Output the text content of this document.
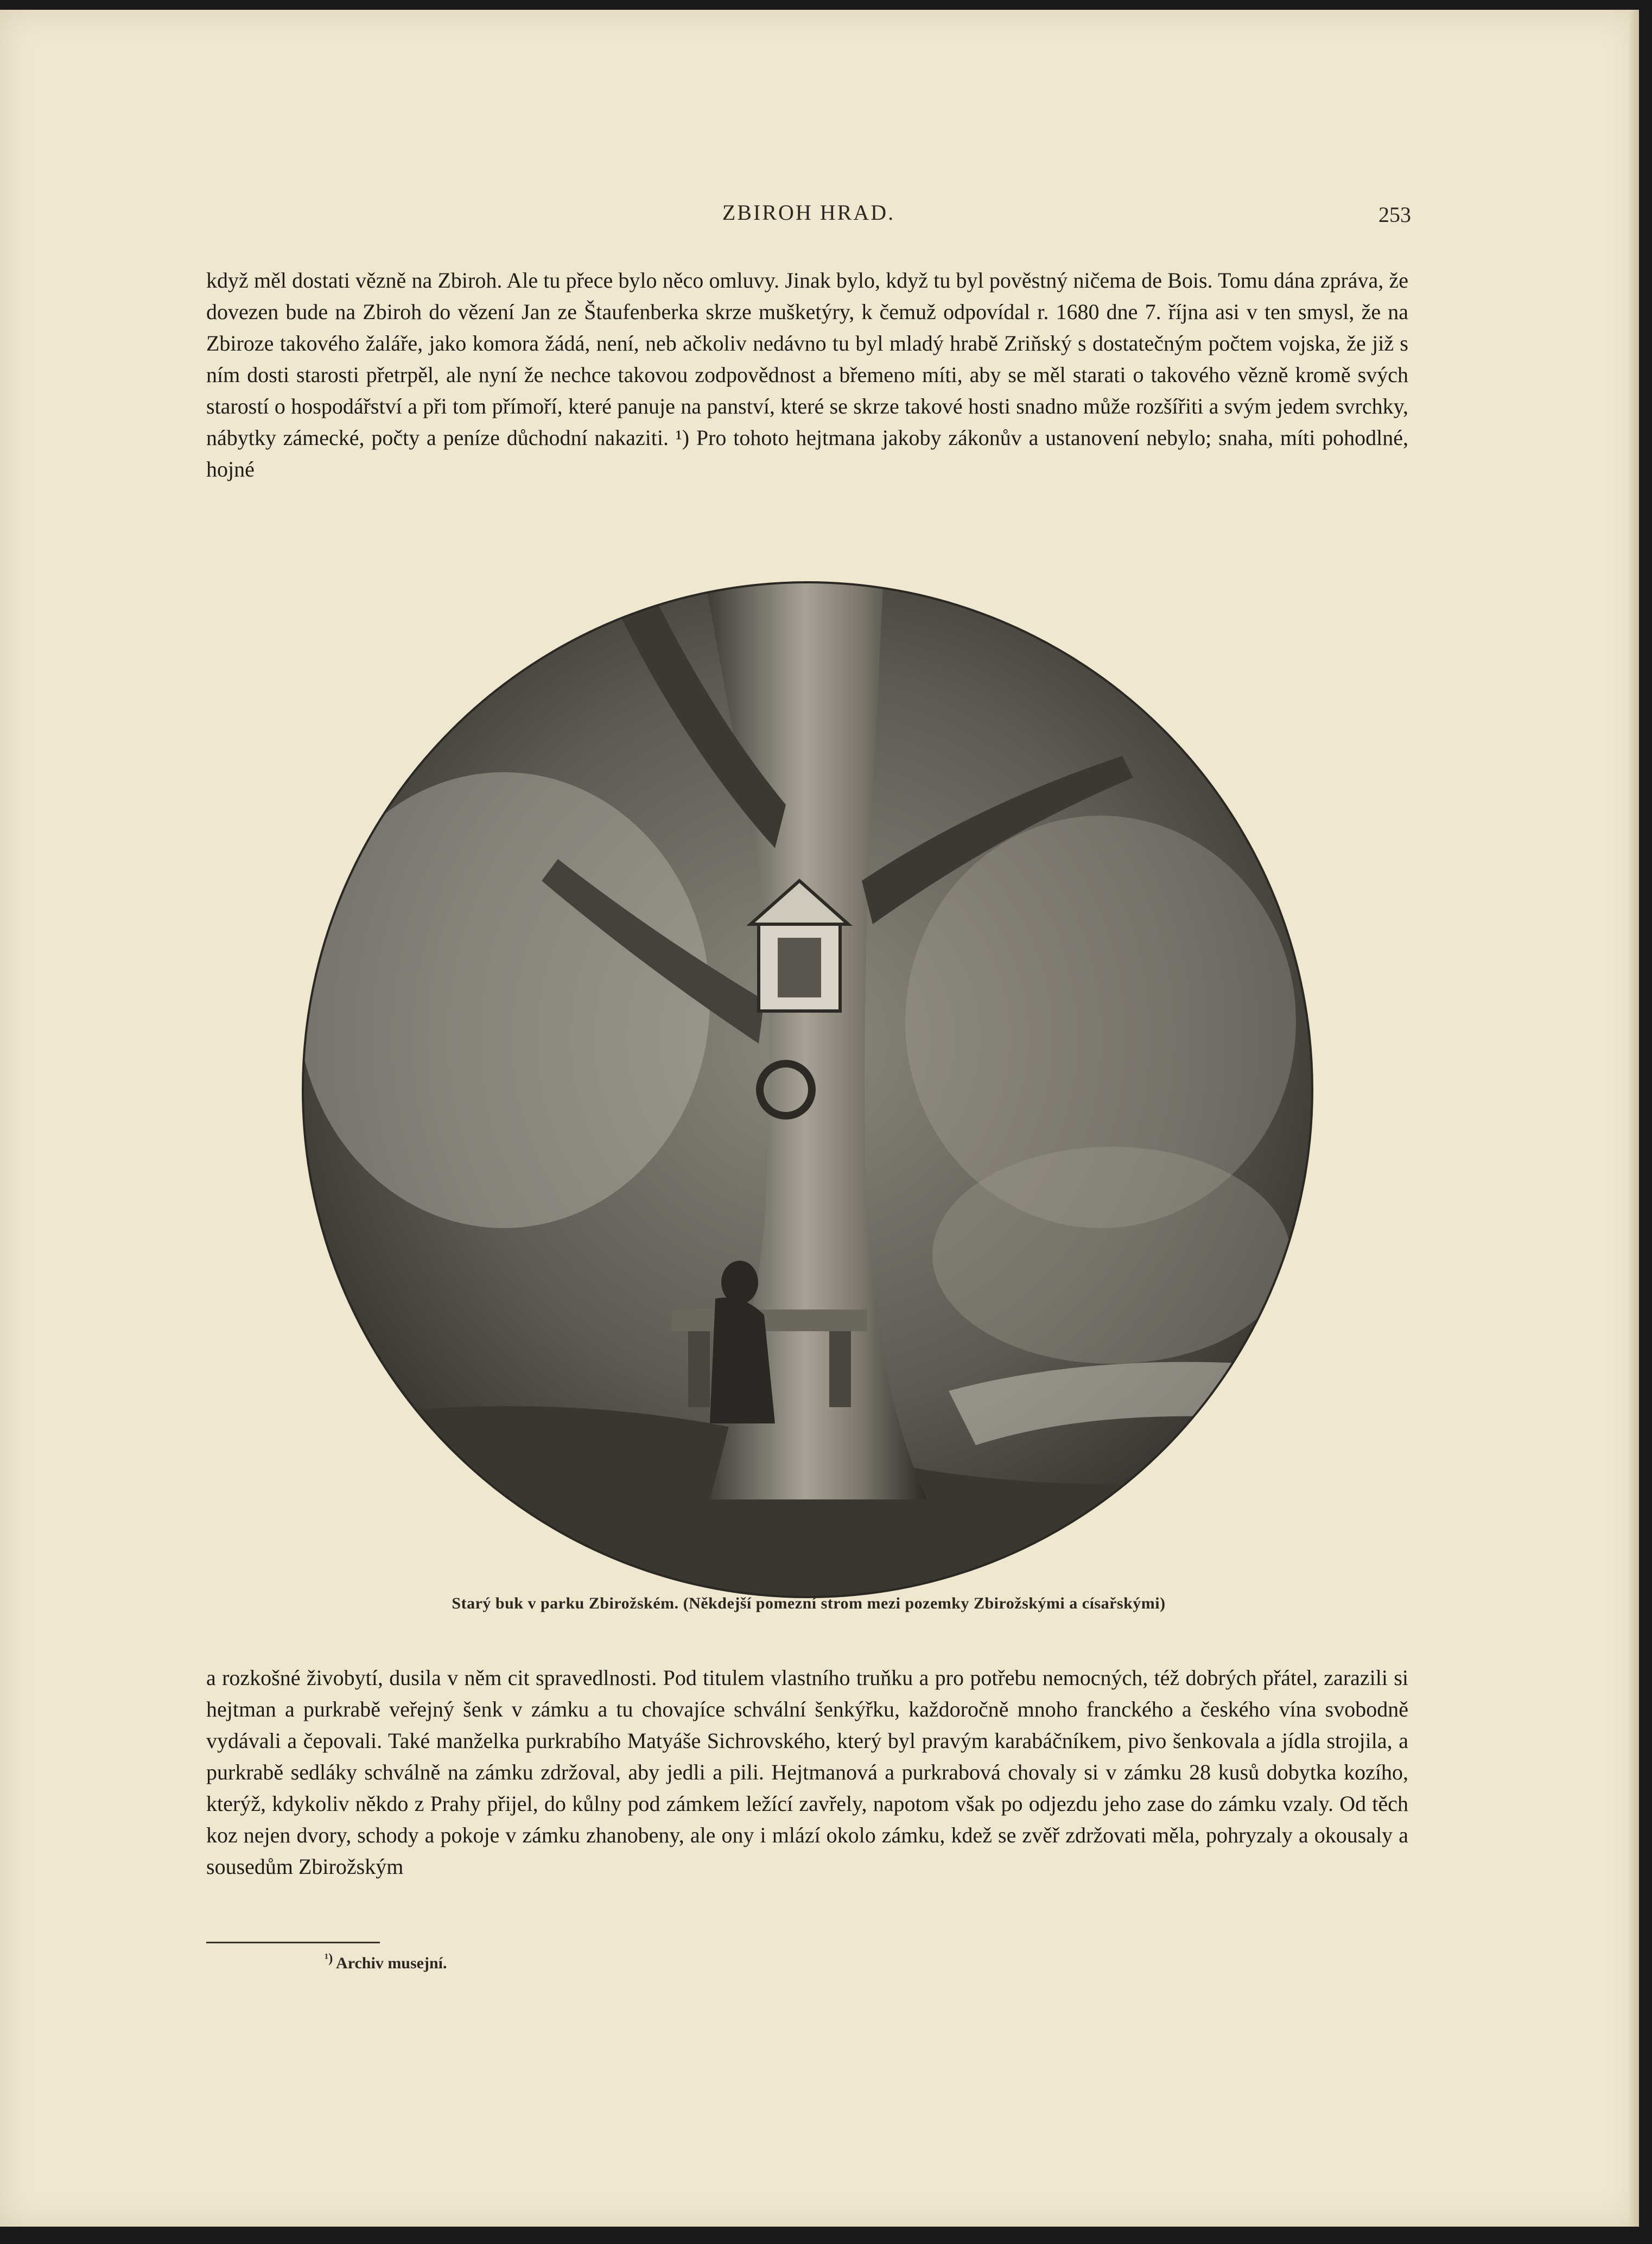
ZBIROH HRAD.	253

když měl dostati vězně na Zbiroh. Ale tu přece bylo něco omluvy. Jinak bylo, když tu byl pověstný ničema de Bois. Tomu dána zpráva, že dovezen bude na Zbiroh do vězení Jan ze Štaufenberka skrze mušketýry, k čemuž odpovídal r. 1680 dne 7. října asi v ten smysl, že na Zbiroze takového žaláře, jako komora žádá, není, neb ačkoliv nedávno tu byl mladý hrabě Zriňský s dostatečným počtem vojska, že již s ním dosti starosti přetrpěl, ale nyní že nechce takovou zodpovědnost a břemeno míti, aby se měl starati o takového vězně kromě svých starostí o hospodářství a při tom přímoří, které panuje na panství, které se skrze takové hosti snadno může rozšířiti a svým jedem svrchky, nábytky zámecké, počty a peníze důchodní nakaziti. ¹) Pro tohoto hejtmana jakoby zákonův a ustanovení nebylo; snaha, míti pohodlné, hojné

Starý buk v parku Zbirožském. (Někdejší pomezní strom mezi pozemky Zbirožskými a císařskými)

a rozkošné živobytí, dusila v něm cit spravedlnosti. Pod titulem vlastního truňku a pro potřebu nemocných, též dobrých přátel, zarazili si hejtman a purkrabě veřejný šenk v zámku a tu chovajíce schvální šenkýřku, každoročně mnoho franckého a českého vína svobodně vydávali a čepovali. Také manželka purkrabího Matyáše Sichrovského, který byl pravým karabáčníkem, pivo šenkovala a jídla strojila, a purkrabě sedláky schválně na zámku zdržoval, aby jedli a pili. Hejtmanová a purkrabová chovaly si v zámku 28 kusů dobytka kozího, kterýž, kdykoliv někdo z Prahy přijel, do kůlny pod zámkem ležící zavřely, napotom však po odjezdu jeho zase do zámku vzaly. Od těch koz nejen dvory, schody a pokoje v zámku zhanobeny, ale ony i mlází okolo zámku, kdež se zvěř zdržovati měla, pohryzaly a okousaly a sousedům Zbirožským

$^{^1)}$ Archiv musejní.
